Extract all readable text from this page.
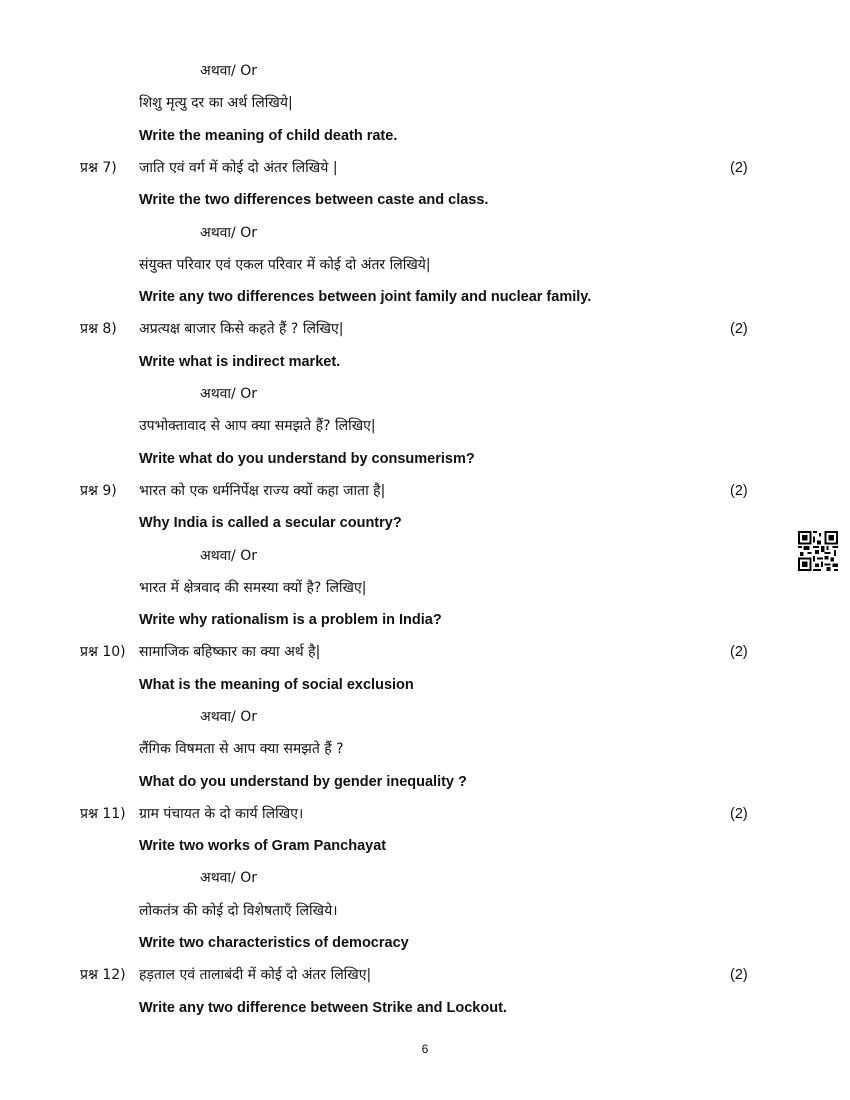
अथवा/ Or
शिशु मृत्यु दर का अर्थ लिखिये|
Write the meaning of child death rate.
जाति एवं वर्ग में कोई दो अंतर लिखिये |
प्रश्न 7)	(2)
Write the two differences between caste and class.
अथवा/ Or
संयुक्त परिवार एवं एकल परिवार में कोई दो अंतर लिखिये|
Write any two differences between joint family and nuclear family.
अप्रत्यक्ष बाजार किसे कहते हैं ? लिखिए|
प्रश्न 8)	(2)
Write what is indirect market.
अथवा/ Or
उपभोक्तावाद से आप क्या समझते हैं? लिखिए|
Write what do you understand by consumerism?
भारत को एक धर्मनिर्पेक्ष राज्य क्यों कहा जाता है|
प्रश्न 9)	(2)
Why India is called a secular country?
अथवा/ Or
भारत में क्षेत्रवाद की समस्या क्यों है? लिखिए|
Write why rationalism is a problem in India?
सामाजिक बहिष्कार का क्या अर्थ है|
प्रश्न 10)	(2)
What is the meaning of social exclusion
अथवा/ Or
लैंगिक विषमता से आप क्या समझते हैं ?
What do you understand by gender inequality ?
ग्राम पंचायत के दो कार्य लिखिए।
प्रश्न 11)	(2)
Write two works of Gram Panchayat
अथवा/ Or
लोकतंत्र की कोई दो विशेषताएँ लिखिये।
Write two characteristics of democracy
हड़ताल एवं तालाबंदी में कोई दो अंतर लिखिए|
प्रश्न 12)	(2)
Write any two difference between Strike and Lockout.
6
